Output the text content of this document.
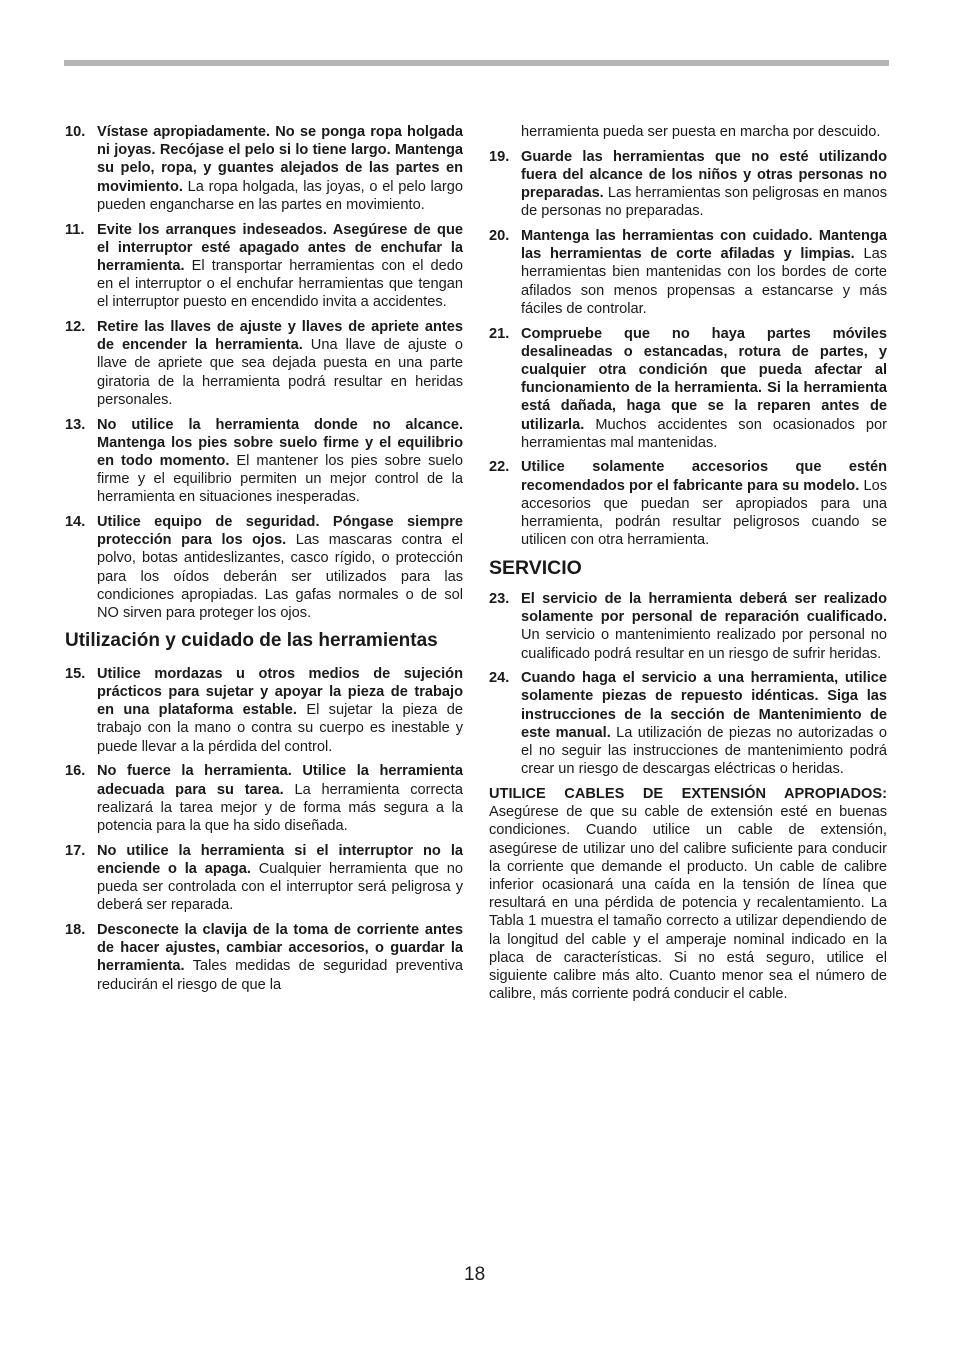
10. Vístase apropiadamente. No se ponga ropa holgada ni joyas. Recójase el pelo si lo tiene largo. Mantenga su pelo, ropa, y guantes alejados de las partes en movimiento. La ropa holgada, las joyas, o el pelo largo pueden engancharse en las partes en movimiento.
11. Evite los arranques indeseados. Asegúrese de que el interruptor esté apagado antes de enchufar la herramienta. El transportar herramientas con el dedo en el interruptor o el enchufar herramientas que tengan el interruptor puesto en encendido invita a accidentes.
12. Retire las llaves de ajuste y llaves de apriete antes de encender la herramienta. Una llave de ajuste o llave de apriete que sea dejada puesta en una parte giratoria de la herramienta podrá resultar en heridas personales.
13. No utilice la herramienta donde no alcance. Mantenga los pies sobre suelo firme y el equilibrio en todo momento. El mantener los pies sobre suelo firme y el equilibrio permiten un mejor control de la herramienta en situaciones inesperadas.
14. Utilice equipo de seguridad. Póngase siempre protección para los ojos. Las mascaras contra el polvo, botas antideslizantes, casco rígido, o protección para los oídos deberán ser utilizados para las condiciones apropiadas. Las gafas normales o de sol NO sirven para proteger los ojos.
Utilización y cuidado de las herramientas
15. Utilice mordazas u otros medios de sujeción prácticos para sujetar y apoyar la pieza de trabajo en una plataforma estable. El sujetar la pieza de trabajo con la mano o contra su cuerpo es inestable y puede llevar a la pérdida del control.
16. No fuerce la herramienta. Utilice la herramienta adecuada para su tarea. La herramienta correcta realizará la tarea mejor y de forma más segura a la potencia para la que ha sido diseñada.
17. No utilice la herramienta si el interruptor no la enciende o la apaga. Cualquier herramienta que no pueda ser controlada con el interruptor será peligrosa y deberá ser reparada.
18. Desconecte la clavija de la toma de corriente antes de hacer ajustes, cambiar accesorios, o guardar la herramienta. Tales medidas de seguridad preventiva reducirán el riesgo de que la
herramienta pueda ser puesta en marcha por descuido.
19. Guarde las herramientas que no esté utilizando fuera del alcance de los niños y otras personas no preparadas. Las herramientas son peligrosas en manos de personas no preparadas.
20. Mantenga las herramientas con cuidado. Mantenga las herramientas de corte afiladas y limpias. Las herramientas bien mantenidas con los bordes de corte afilados son menos propensas a estancarse y más fáciles de controlar.
21. Compruebe que no haya partes móviles desalineadas o estancadas, rotura de partes, y cualquier otra condición que pueda afectar al funcionamiento de la herramienta. Si la herramienta está dañada, haga que se la reparen antes de utilizarla. Muchos accidentes son ocasionados por herramientas mal mantenidas.
22. Utilice solamente accesorios que estén recomendados por el fabricante para su modelo. Los accesorios que puedan ser apropiados para una herramienta, podrán resultar peligrosos cuando se utilicen con otra herramienta.
SERVICIO
23. El servicio de la herramienta deberá ser realizado solamente por personal de reparación cualificado. Un servicio o mantenimiento realizado por personal no cualificado podrá resultar en un riesgo de sufrir heridas.
24. Cuando haga el servicio a una herramienta, utilice solamente piezas de repuesto idénticas. Siga las instrucciones de la sección de Mantenimiento de este manual. La utilización de piezas no autorizadas o el no seguir las instrucciones de mantenimiento podrá crear un riesgo de descargas eléctricas o heridas.
UTILICE CABLES DE EXTENSIÓN APROPIADOS: Asegúrese de que su cable de extensión esté en buenas condiciones. Cuando utilice un cable de extensión, asegúrese de utilizar uno del calibre suficiente para conducir la corriente que demande el producto. Un cable de calibre inferior ocasionará una caída en la tensión de línea que resultará en una pérdida de potencia y recalentamiento. La Tabla 1 muestra el tamaño correcto a utilizar dependiendo de la longitud del cable y el amperaje nominal indicado en la placa de características. Si no está seguro, utilice el siguiente calibre más alto. Cuanto menor sea el número de calibre, más corriente podrá conducir el cable.
18
